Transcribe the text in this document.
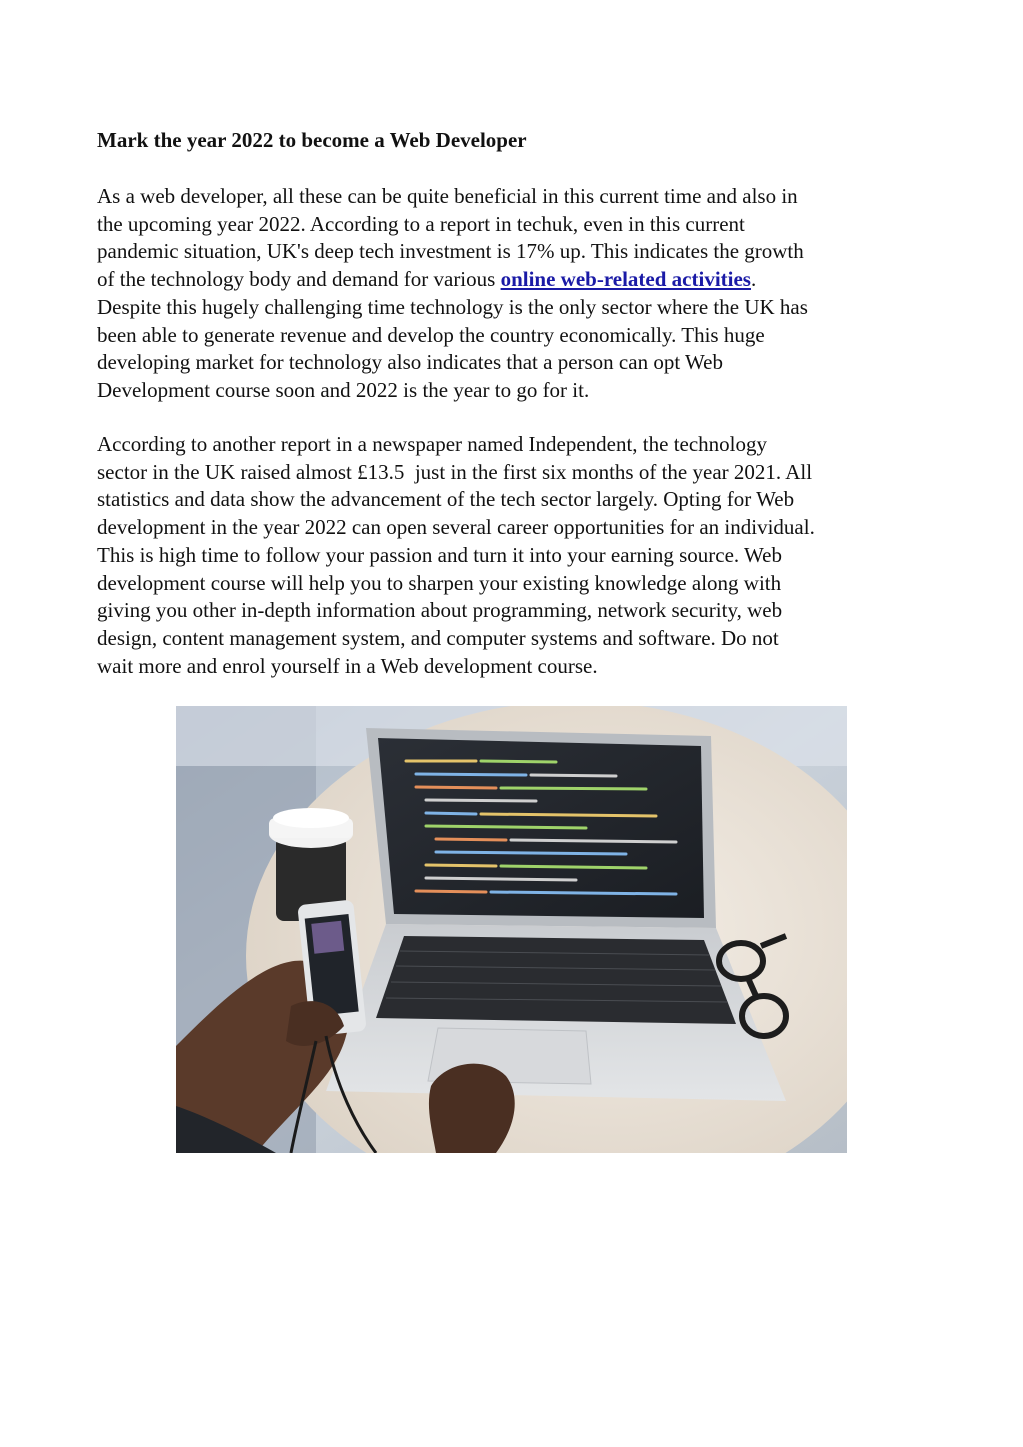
Mark the year 2022 to become a Web Developer

As a web developer, all these can be quite beneficial in this current time and also in
the upcoming year 2022. According to a report in techuk, even in this current
pandemic situation, UK's deep tech investment is 17% up. This indicates the growth
of the technology body and demand for various online web-related activities.
Despite this hugely challenging time technology is the only sector where the UK has
been able to generate revenue and develop the country economically. This huge
developing market for technology also indicates that a person can opt Web
Development course soon and 2022 is the year to go for it.

According to another report in a newspaper named Independent, the technology
sector in the UK raised almost £13.5  just in the first six months of the year 2021. All
statistics and data show the advancement of the tech sector largely. Opting for Web
development in the year 2022 can open several career opportunities for an individual.
This is high time to follow your passion and turn it into your earning source. Web
development course will help you to sharpen your existing knowledge along with
giving you other in-depth information about programming, network security, web
design, content management system, and computer systems and software. Do not
wait more and enrol yourself in a Web development course.
